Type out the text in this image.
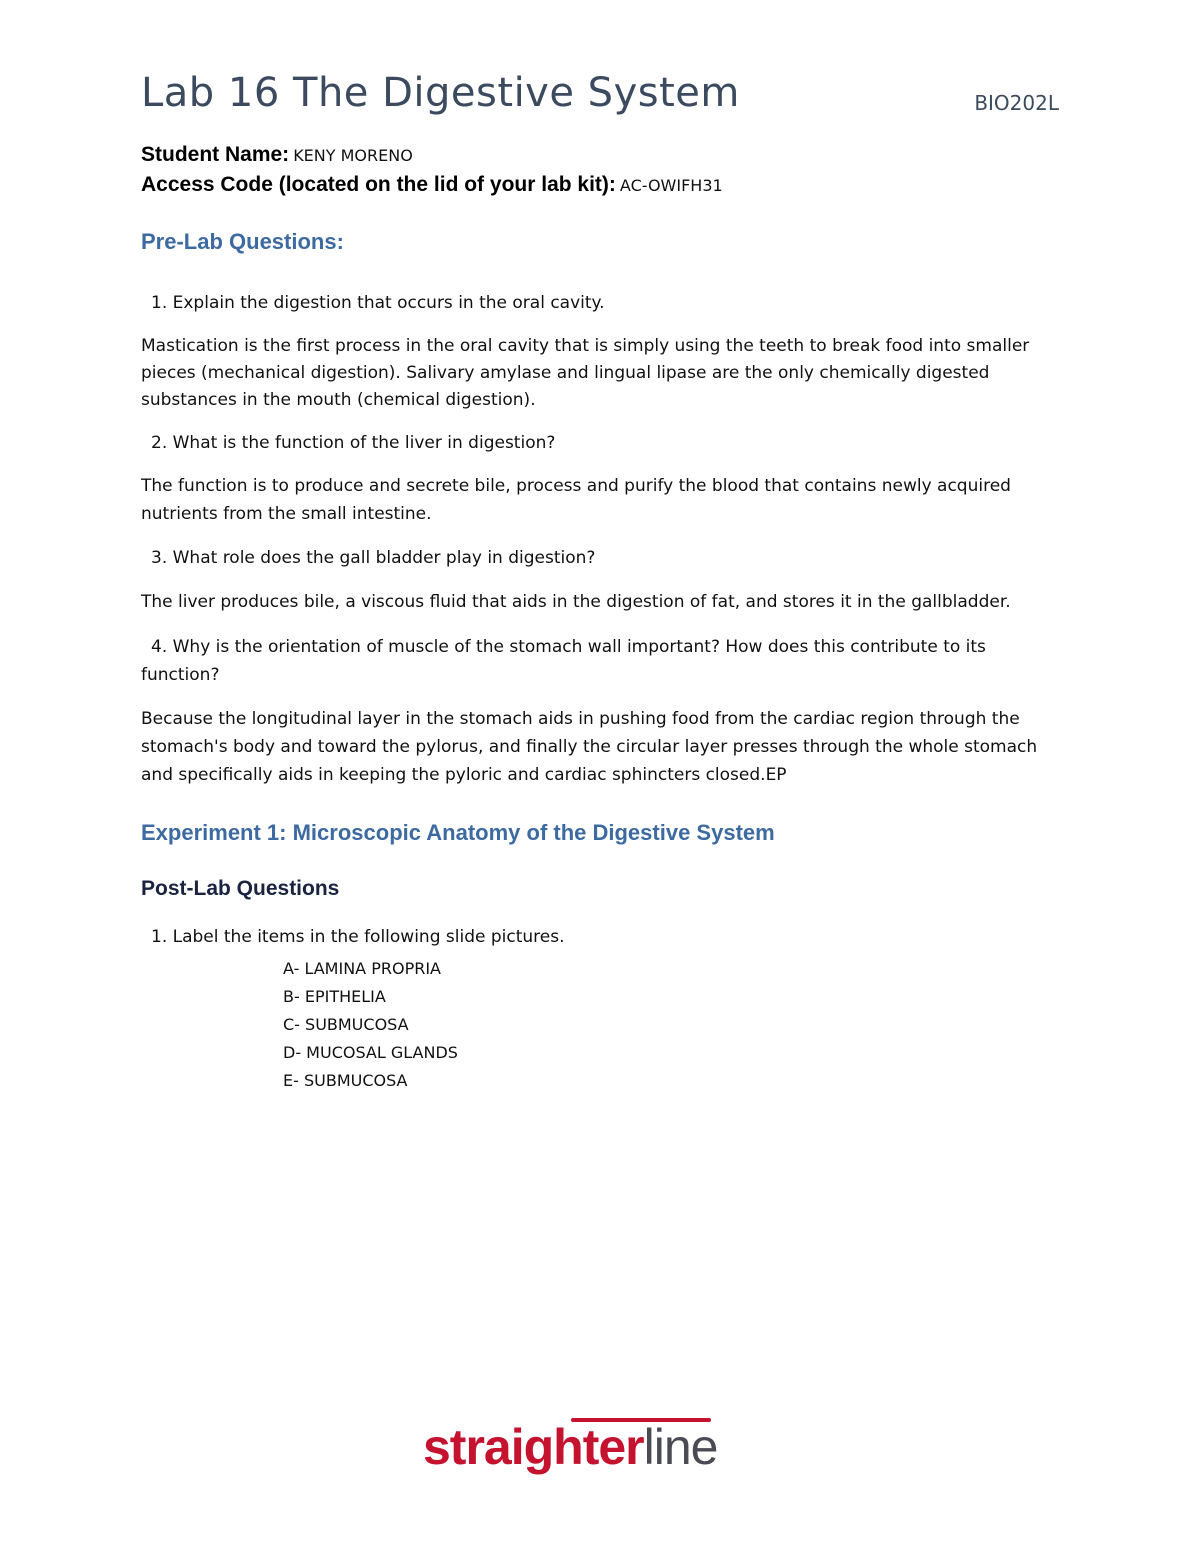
Lab 16 The Digestive System	BIO202L
Student Name: KENY MORENO
Access Code (located on the lid of your lab kit): AC-OWIFH31
Pre-Lab Questions:
1. Explain the digestion that occurs in the oral cavity.
Mastication is the first process in the oral cavity that is simply using the teeth to break food into smaller pieces (mechanical digestion). Salivary amylase and lingual lipase are the only chemically digested substances in the mouth (chemical digestion).
2. What is the function of the liver in digestion?
The function is to produce and secrete bile, process and purify the blood that contains newly acquired nutrients from the small intestine.
3. What role does the gall bladder play in digestion?
The liver produces bile, a viscous fluid that aids in the digestion of fat, and stores it in the gallbladder.
4. Why is the orientation of muscle of the stomach wall important? How does this contribute to its function?
Because the longitudinal layer in the stomach aids in pushing food from the cardiac region through the stomach's body and toward the pylorus, and finally the circular layer presses through the whole stomach and specifically aids in keeping the pyloric and cardiac sphincters closed.EP
Experiment 1: Microscopic Anatomy of the Digestive System
Post-Lab Questions
1. Label the items in the following slide pictures.
A- LAMINA PROPRIA
B- EPITHELIA
C- SUBMUCOSA
D- MUCOSAL GLANDS
E- SUBMUCOSA
straighterline
